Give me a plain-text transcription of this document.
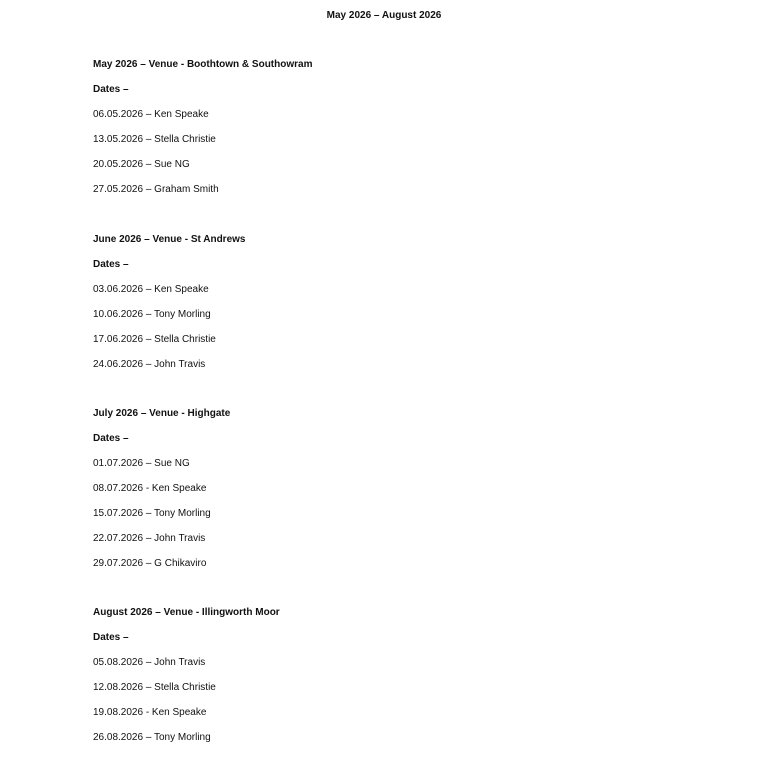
May 2026 – August 2026
May 2026 – Venue - Boothtown & Southowram
Dates –
06.05.2026 – Ken Speake
13.05.2026 – Stella Christie
20.05.2026 – Sue NG
27.05.2026 – Graham Smith
June 2026 – Venue - St Andrews
Dates –
03.06.2026 – Ken Speake
10.06.2026 – Tony Morling
17.06.2026 – Stella Christie
24.06.2026 – John Travis
July 2026 – Venue - Highgate
Dates –
01.07.2026 – Sue NG
08.07.2026 - Ken Speake
15.07.2026 – Tony Morling
22.07.2026 – John Travis
29.07.2026 – G Chikaviro
August 2026 – Venue - Illingworth Moor
Dates –
05.08.2026 – John Travis
12.08.2026 – Stella Christie
19.08.2026 - Ken Speake
26.08.2026 – Tony Morling
